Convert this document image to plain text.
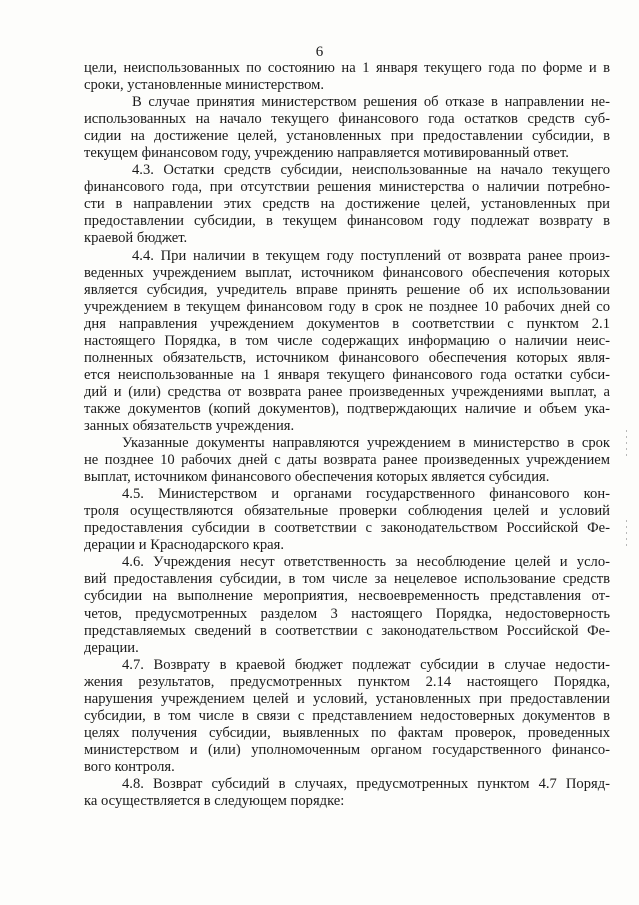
6
цели, неиспользованных по состоянию на 1 января текущего года по форме и в
сроки, установленные министерством.
В случае принятия министерством решения об отказе в направлении не-
использованных на начало текущего финансового года остатков средств суб-
сидии на достижение целей, установленных при предоставлении субсидии, в
текущем финансовом году, учреждению направляется мотивированный ответ.
4.3. Остатки средств субсидии, неиспользованные на начало текущего
финансового года, при отсутствии решения министерства о наличии потребно-
сти в направлении этих средств на достижение целей, установленных при
предоставлении субсидии, в текущем финансовом году подлежат возврату в
краевой бюджет.
4.4. При наличии в текущем году поступлений от возврата ранее произ-
веденных учреждением выплат, источником финансового обеспечения которых
является субсидия, учредитель вправе принять решение об их использовании
учреждением в текущем финансовом году в срок не позднее 10 рабочих дней со
дня направления учреждением документов в соответствии с пунктом 2.1
настоящего Порядка, в том числе содержащих информацию о наличии неис-
полненных обязательств, источником финансового обеспечения которых явля-
ется неиспользованные на 1 января текущего финансового года остатки субси-
дий и (или) средства от возврата ранее произведенных учреждениями выплат, а
также документов (копий документов), подтверждающих наличие и объем ука-
занных обязательств учреждения.
Указанные документы направляются учреждением в министерство в срок
не позднее 10 рабочих дней с даты возврата ранее произведенных учреждением
выплат, источником финансового обеспечения которых является субсидия.
4.5. Министерством и органами государственного финансового кон-
троля осуществляются обязательные проверки соблюдения целей и условий
предоставления субсидии в соответствии с законодательством Российской Фе-
дерации и Краснодарского края.
4.6. Учреждения несут ответственность за несоблюдение целей и усло-
вий предоставления субсидии, в том числе за нецелевое использование средств
субсидии на выполнение мероприятия, несвоевременность представления от-
четов, предусмотренных разделом 3 настоящего Порядка, недостоверность
представляемых сведений в соответствии с законодательством Российской Фе-
дерации.
4.7. Возврату в краевой бюджет подлежат субсидии в случае недости-
жения результатов, предусмотренных пунктом 2.14 настоящего Порядка,
нарушения учреждением целей и условий, установленных при предоставлении
субсидии, в том числе в связи с представлением недостоверных документов в
целях получения субсидии, выявленных по фактам проверок, проведенных
министерством и (или) уполномоченным органом государственного финансо-
вого контроля.
4.8. Возврат субсидий в случаях, предусмотренных пунктом 4.7 Поряд-
ка осуществляется в следующем порядке:
